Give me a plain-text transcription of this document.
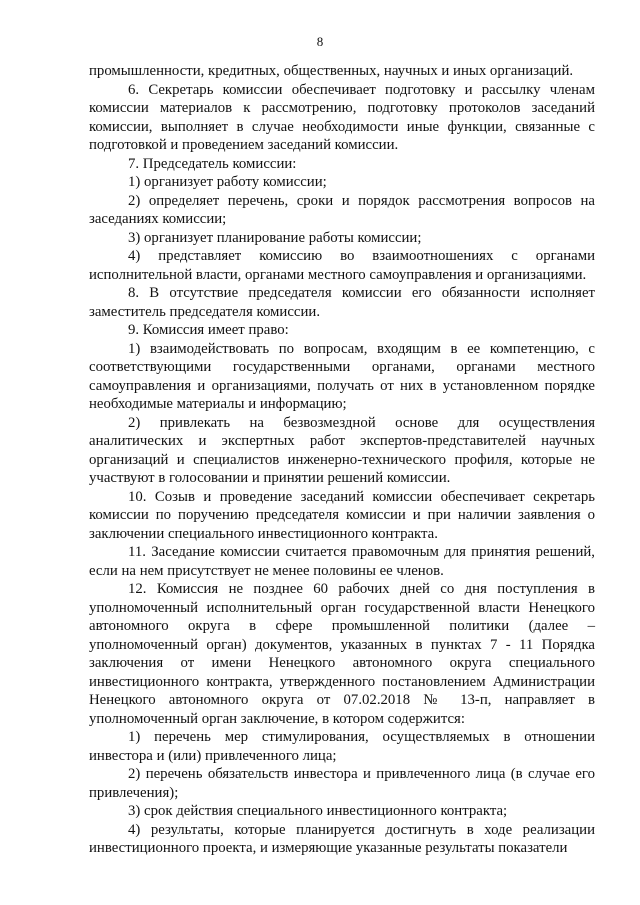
8

промышленности, кредитных, общественных, научных и иных организаций.

6. Секретарь комиссии обеспечивает подготовку и рассылку членам комиссии материалов к рассмотрению, подготовку протоколов заседаний комиссии, выполняет в случае необходимости иные функции, связанные с подготовкой и проведением заседаний комиссии.

7. Председатель комиссии:

1) организует работу комиссии;

2) определяет перечень, сроки и порядок рассмотрения вопросов на заседаниях комиссии;

3) организует планирование работы комиссии;

4) представляет комиссию во взаимоотношениях с органами исполнительной власти, органами местного самоуправления и организациями.

8. В отсутствие председателя комиссии его обязанности исполняет заместитель председателя комиссии.

9. Комиссия имеет право:

1) взаимодействовать по вопросам, входящим в ее компетенцию, с соответствующими государственными органами, органами местного самоуправления и организациями, получать от них в установленном порядке необходимые материалы и информацию;

2) привлекать на безвозмездной основе для осуществления аналитических и экспертных работ экспертов-представителей научных организаций и специалистов инженерно-технического профиля, которые не участвуют в голосовании и принятии решений комиссии.

10. Созыв и проведение заседаний комиссии обеспечивает секретарь комиссии по поручению председателя комиссии и при наличии заявления о заключении специального инвестиционного контракта.

11. Заседание комиссии считается правомочным для принятия решений, если на нем присутствует не менее половины ее членов.

12. Комиссия не позднее 60 рабочих дней со дня поступления в уполномоченный исполнительный орган государственной власти Ненецкого автономного округа в сфере промышленной политики (далее – уполномоченный орган) документов, указанных в пунктах 7 - 11 Порядка заключения от имени Ненецкого автономного округа специального инвестиционного контракта, утвержденного постановлением Администрации Ненецкого автономного округа от 07.02.2018 № 13-п, направляет в уполномоченный орган заключение, в котором содержится:

1) перечень мер стимулирования, осуществляемых в отношении инвестора и (или) привлеченного лица;

2) перечень обязательств инвестора и привлеченного лица (в случае его привлечения);

3) срок действия специального инвестиционного контракта;

4) результаты, которые планируется достигнуть в ходе реализации инвестиционного проекта, и измеряющие указанные результаты показатели
